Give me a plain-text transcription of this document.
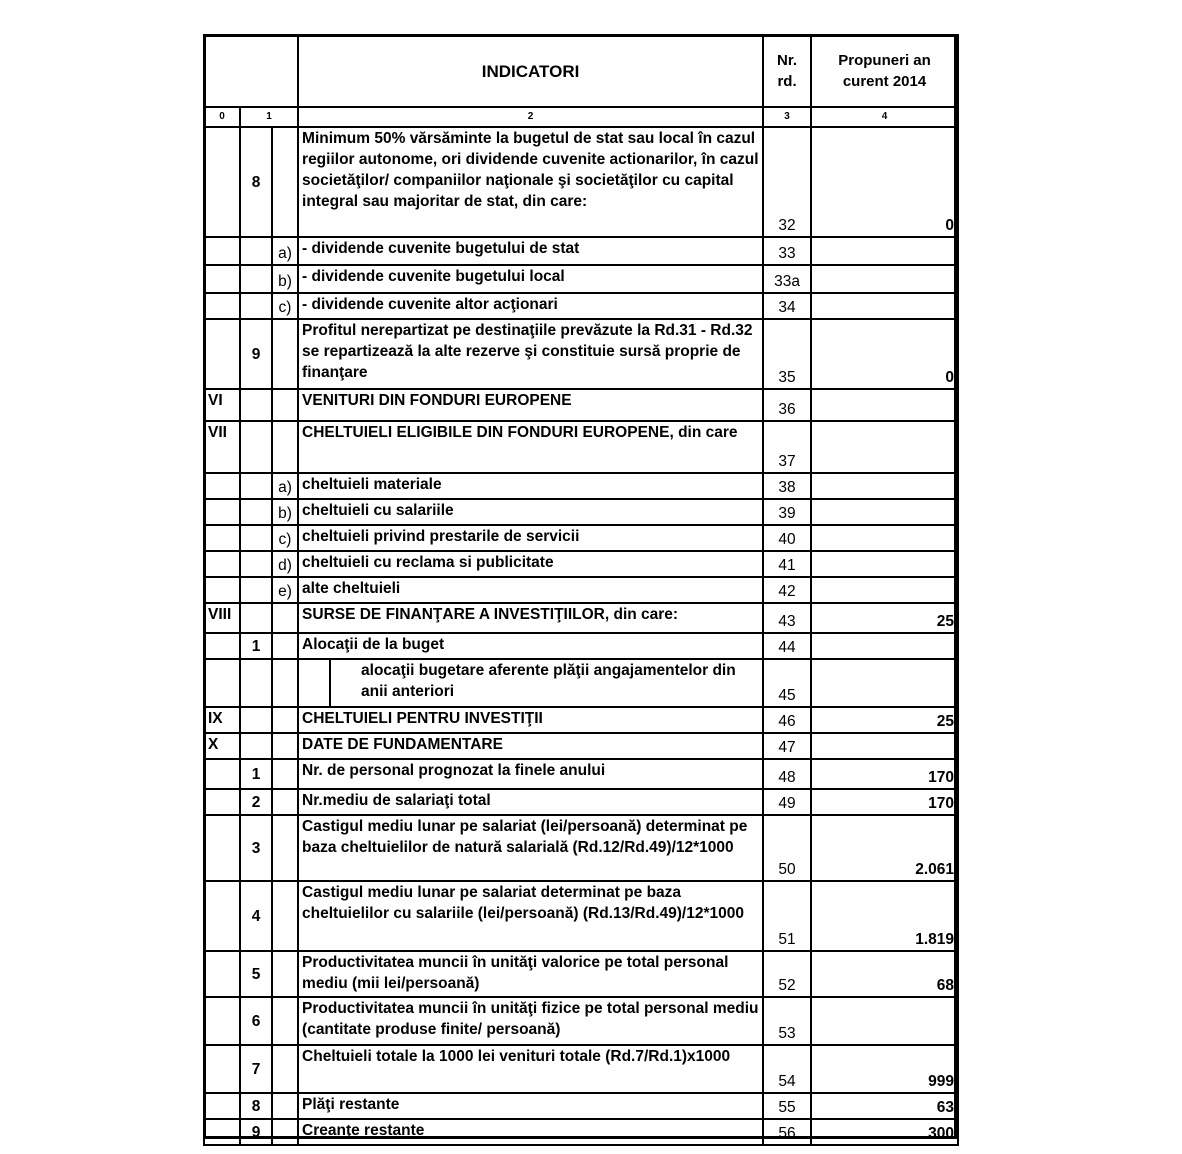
			INDICATORI	Nr. rd.	Propuneri an curent 2014
0	1		2	3	4
	8		Minimum 50% vărsăminte la bugetul de stat sau local în cazul regiilor autonome, ori dividende cuvenite actionarilor, în cazul societăţilor/ companiilor naţionale şi societăţilor cu capital integral sau majoritar de stat, din care:	32	0
		a)	- dividende cuvenite bugetului de stat	33	
		b)	- dividende cuvenite bugetului local	33a	
		c)	- dividende cuvenite altor acţionari	34	
	9		Profitul nerepartizat pe destinaţiile prevăzute la Rd.31 - Rd.32 se repartizează la alte rezerve şi constituie sursă proprie de finanţare	35	0
VI			VENITURI DIN FONDURI EUROPENE	36	
VII			CHELTUIELI ELIGIBILE DIN FONDURI EUROPENE, din care	37	
		a)	cheltuieli materiale	38	
		b)	cheltuieli cu salariile	39	
		c)	cheltuieli privind prestarile de servicii	40	
		d)	cheltuieli cu reclama si publicitate	41	
		e)	alte cheltuieli	42	
VIII			SURSE DE FINANŢARE A INVESTIŢIILOR, din care:	43	25
	1		Alocaţii de la buget	44	
			alocaţii bugetare aferente plăţii angajamentelor din anii anteriori	45	
IX			CHELTUIELI PENTRU INVESTIŢII	46	25
X			DATE DE FUNDAMENTARE	47	
	1		Nr. de personal prognozat la finele anului	48	170
	2		Nr.mediu de salariaţi total	49	170
	3		Castigul mediu lunar pe salariat (lei/persoană) determinat pe baza cheltuielilor de natură salarială (Rd.12/Rd.49)/12*1000	50	2.061
	4		Castigul mediu lunar pe salariat determinat pe baza cheltuielilor cu salariile (lei/persoană) (Rd.13/Rd.49)/12*1000	51	1.819
	5		Productivitatea muncii în unităţi valorice pe total personal mediu (mii lei/persoană)	52	68
	6		Productivitatea muncii în unităţi fizice pe total personal mediu (cantitate produse finite/ persoană)	53	
	7		Cheltuieli totale la 1000 lei venituri totale (Rd.7/Rd.1)x1000	54	999
	8		Plăţi restante	55	63
	9		Creanţe restante	56	300
